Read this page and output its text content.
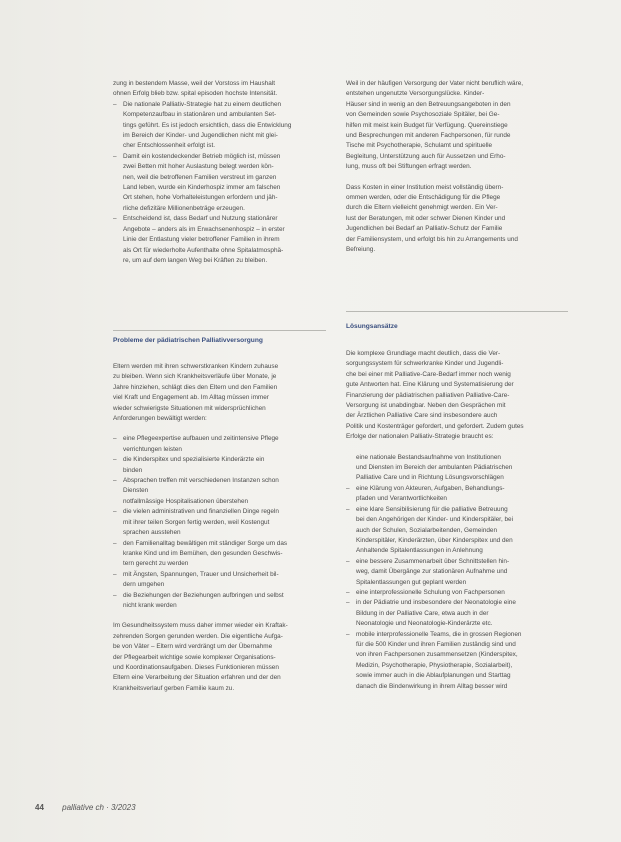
zung in bestendem Masse, weil der Vorstoss im Haushalt
ohnen Erfolg blieb bzw. spital episoden hochste Intensität.

– Die nationale Palliativ-Strategie hat zu einem deutlichen
Kompetenzaufbau in stationären und ambulanten Set-
tings geführt. Es ist jedoch ersichtlich, dass die Entwicklung
im Bereich der Kinder- und Jugendlichen nicht mit glei-
cher Entschlossenheit erfolgt ist.
– Damit ein kostendeckender Betrieb möglich ist, müssen
zwei Betten mit hoher Auslastung belegt werden kön-
nen, weil die betroffenen Familien verstreut im ganzen
Land leben, wurde ein Kinderhospiz immer am falschen
Ort stehen, hohe Vorhalteleistungen erfordern und jäh-
rliche defizitäre Millionenbeträge erzeugen.
– Entscheidend ist, dass Bedarf und Nutzung stationärer
Angebote – anders als im Erwachsenenhospiz – in erster
Linie der Entlastung vieler betroffener Familien in ihrem
als Ort für wiederholte Aufenthalte ohne Spitalatmosphä-
re, um auf dem langen Weg bei Kräften zu bleiben.
Probleme der pädiatrischen Palliativversorgung

Eltern werden mit ihren schwerstkranken Kindern zuhause
zu bleiben. Wenn sich Krankheitsverläufe über Monate, je
Jahre hinziehen, schlägt dies den Eltern und den Familien
viel Kraft und Engagement ab. Im Alltag müssen immer
wieder schwierigste Situationen mit widersprüchlichen
Anforderungen bewältigt werden:

– eine Pflegeexpertise aufbauen und zeitintensive Pflege
verrichtungen leisten
– die Kinderspitex und spezialisierte Kinderärzte ein
binden
– Absprachen treffen mit verschiedenen Instanzen schon
Diensten
notfallmässige Hospitalisationen überstehen
– die vielen administrativen und finanziellen Dinge regeln
mit ihrer teilen Sorgen fertig werden, weil Kostengut
sprachen ausstehen
– den Familienalltag bewältigen mit ständiger Sorge um das
kranke Kind und im Bemühen, den gesunden Geschwis-
tern gerecht zu werden
– mit Ängsten, Spannungen, Trauer und Unsicherheit bil-
dern umgehen
– die Beziehungen der Beziehungen aufbringen und selbst
nicht krank werden

Im Gesundheitssystem muss daher immer wieder ein Kraftak-
zehrenden Sorgen gerunden werden. Die eigentliche Aufga-
be von Väter – Eltern wird verdrängt um der Übernahme
der Pflegearbeit wichtige sowie komplexer Organisations-
und Koordinationsaufgaben. Dieses Funktionieren müssen
Eltern eine Verarbeitung der Situation erfahren und der den
Krankheitsverlauf gerben Familie kaum zu.

Weil in der häufigen Versorgung der Vater nicht beruflich wäre,
entstehen ungenutzte Versorgungslücke. Kinder-
Häuser sind in wenig an den Betreuungsangeboten in den
von Gemeinden sowie Psychosoziale Spitäler, bei Ge-
hilfen mit meist kein Budget für Verfügung. Quereinstiege
und Besprechungen mit anderen Fachpersonen, für runde
Tische mit Psychotherapie, Schulamt und spirituelle
Begleitung, Unterstützung auch für Aussetzen und Erho-
lung, muss oft bei Stiftungen erfragt werden.

Dass Kosten in einer Institution meist vollständig übern-
ommen werden, oder die Entschädigung für die Pflege
durch die Eltern vielleicht genehmigt werden. Ein Ver-
lust der Beratungen, mit oder schwer Dienen Kinder und
Jugendlichen bei Bedarf an Palliativ-Schutz der Familie
der Familiensystem, und erfolgt bis hin zu Arrangements und
Befreiung.

Lösungsansätze

Die komplexe Grundlage macht deutlich, dass die Ver-
sorgungssystem für schwerkranke Kinder und Jugendli-
che bei einer mit Palliative-Care-Bedarf immer noch wenig
gute Antworten hat. Eine Klärung und Systematisierung der
Finanzierung der pädiatrischen palliativen Palliative-Care-
Versorgung ist unabdingbar. Neben den Gesprächen mit
der Ärztlichen Palliative Care sind insbesondere auch
Politik und Kostenträger gefordert, und gefordert. Zudem gutes
Erfolge der nationalen Palliativ-Strategie braucht es:

eine nationale Bestandsaufnahme von Institutionen
und Diensten im Bereich der ambulanten Pädiatrischen
Palliative Care und in Richtung Lösungsvorschlägen
– eine Klärung von Akteuren, Aufgaben, Behandlungs-
pfaden und Verantwortlichkeiten
– eine klare Sensibilisierung für die palliative Betreuung
bei den Angehörigen der Kinder- und Kinderspitäler, bei
auch der Schulen, Sozialarbeitenden, Gemeinden
Kinderspitäler, Kinderärzten, über Kinderspitex und den
Anhaltende Spitalentlassungen in Anlehnung
– eine bessere Zusammenarbeit über Schnittstellen hin-
weg, damit Übergänge zur stationären Aufnahme und
Spitalentlassungen gut geplant werden
– eine interprofessionelle Schulung von Fachpersonen
– in der Pädiatrie und insbesondere der Neonatologie eine
Bildung in der Palliative Care, etwa auch in der
Neonatologie und Neonatologie-Kinderärzte etc.
– mobile interprofessionelle Teams, die in grossen Regionen
für die 500 Kinder und ihren Familien zuständig sind und
von ihren Fachpersonen zusammensetzen (Kinderspitex,
Medizin, Psychotherapie, Physiotherapie, Sozialarbeit),
sowie immer auch in die Ablaufplanungen und Starttag
danach die Bindenwirkung in ihrem Alltag besser wird
44 palliative ch · 3/2023
